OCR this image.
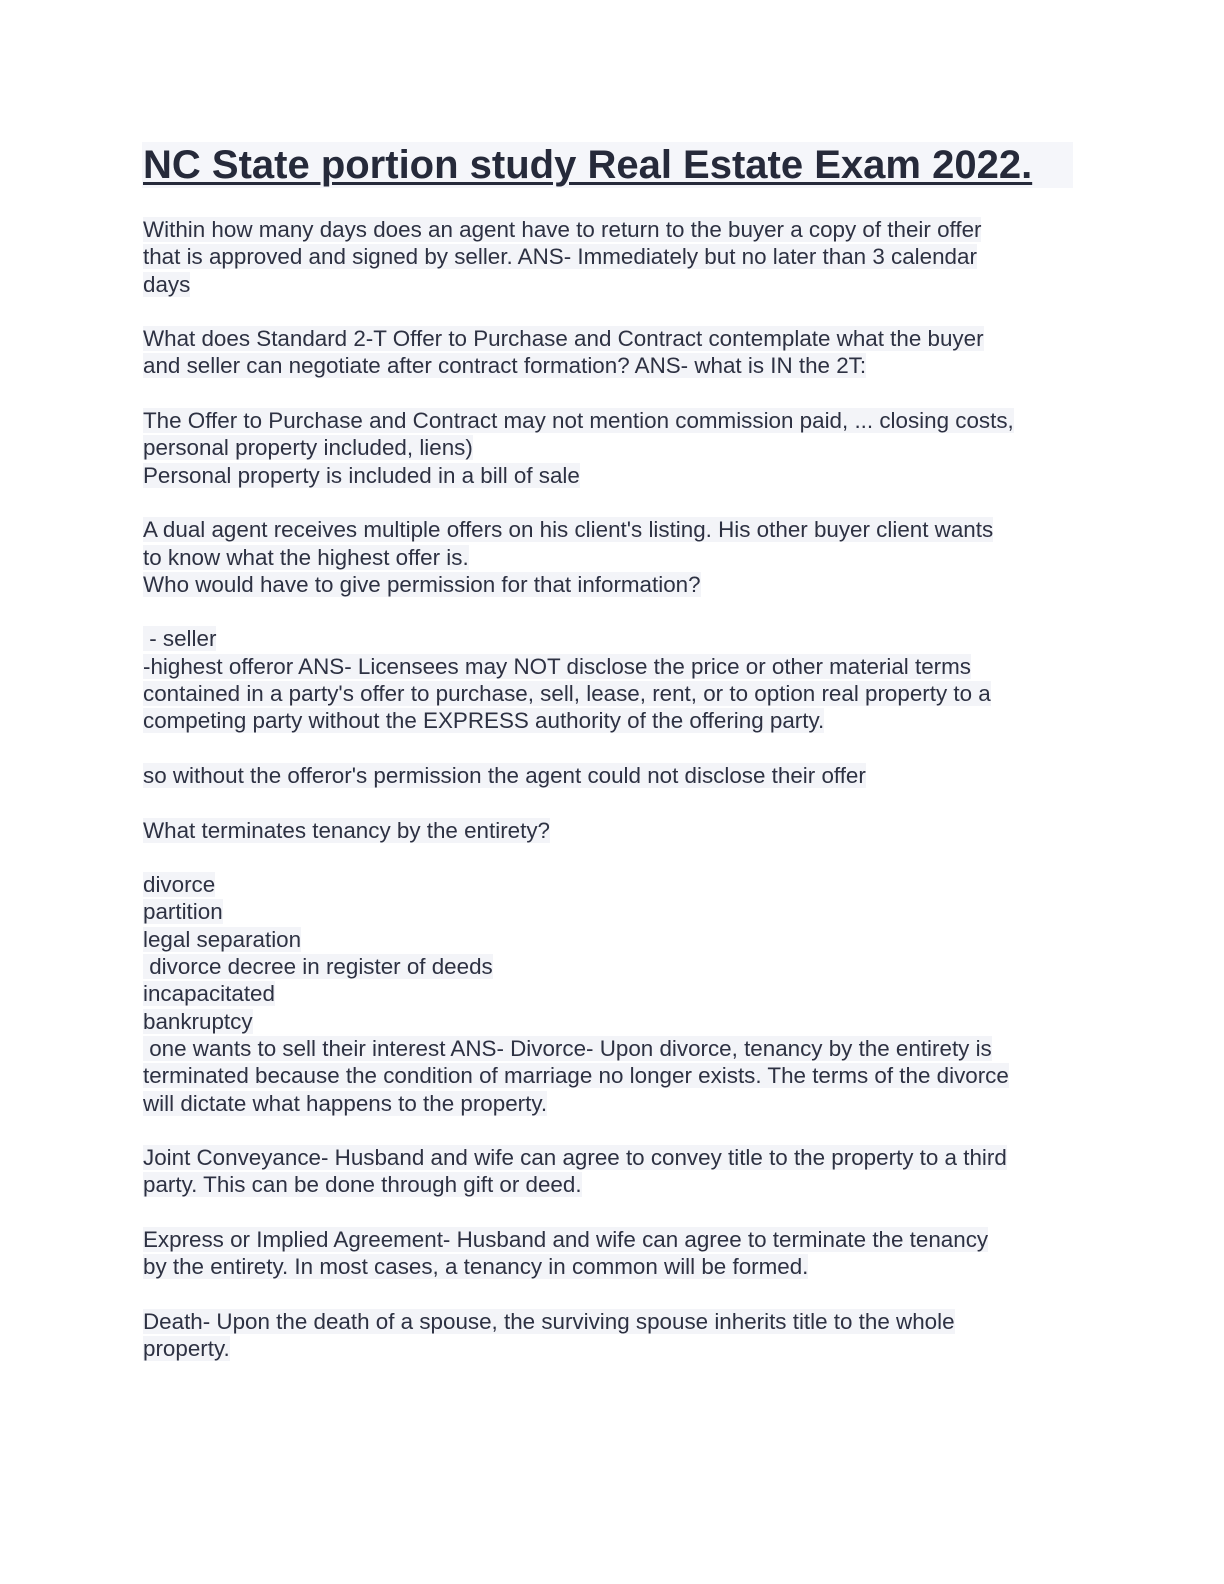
NC State portion study Real Estate Exam 2022.
Within how many days does an agent have to return to the buyer a copy of their offer
that is approved and signed by seller. ANS- Immediately but no later than 3 calendar
days
What does Standard 2-T Offer to Purchase and Contract contemplate what the buyer
and seller can negotiate after contract formation? ANS- what is IN the 2T:
The Offer to Purchase and Contract may not mention commission paid, ... closing costs,
personal property included, liens)
Personal property is included in a bill of sale
A dual agent receives multiple offers on his client's listing. His other buyer client wants
to know what the highest offer is.
Who would have to give permission for that information?
- seller
-highest offeror ANS- Licensees may NOT disclose the price or other material terms
contained in a party's offer to purchase, sell, lease, rent, or to option real property to a
competing party without the EXPRESS authority of the offering party.
so without the offeror's permission the agent could not disclose their offer
What terminates tenancy by the entirety?
divorce
partition
legal separation
divorce decree in register of deeds
incapacitated
bankruptcy
one wants to sell their interest ANS- Divorce- Upon divorce, tenancy by the entirety is
terminated because the condition of marriage no longer exists. The terms of the divorce
will dictate what happens to the property.
Joint Conveyance- Husband and wife can agree to convey title to the property to a third
party. This can be done through gift or deed.
Express or Implied Agreement- Husband and wife can agree to terminate the tenancy
by the entirety. In most cases, a tenancy in common will be formed.
Death- Upon the death of a spouse, the surviving spouse inherits title to the whole
property.
